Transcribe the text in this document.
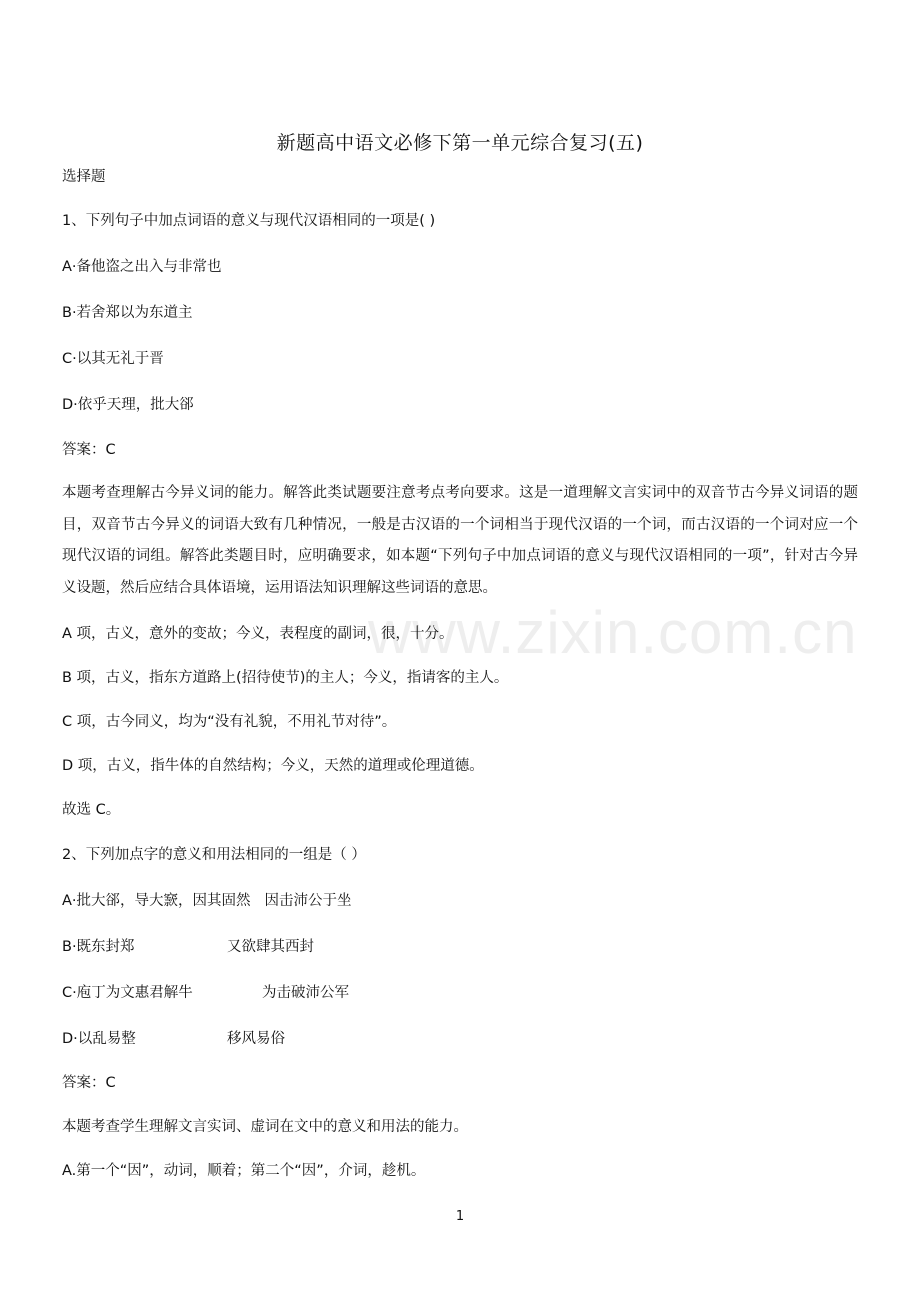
www.zixin.com.cn
新题高中语文必修下第一单元综合复习(五)
选择题
1、下列句子中加点词语的意义与现代汉语相同的一项是( )
A·备他盗之出入与非常也
B·若舍郑以为东道主
C·以其无礼于晋
D·依乎天理，批大郤
答案：C
本题考查理解古今异义词的能力。解答此类试题要注意考点考向要求。这是一道理解文言实词中的双音节古今异义词语的题目，双音节古今异义的词语大致有几种情况，一般是古汉语的一个词相当于现代汉语的一个词，而古汉语的一个词对应一个现代汉语的词组。解答此类题目时，应明确要求，如本题“下列句子中加点词语的意义与现代汉语相同的一项”，针对古今异义设题，然后应结合具体语境，运用语法知识理解这些词语的意思。
A 项，古义，意外的变故；今义，表程度的副词，很，十分。
B 项，古义，指东方道路上(招待使节)的主人；今义，指请客的主人。
C 项，古今同义，均为“没有礼貌，不用礼节对待”。
D 项，古义，指牛体的自然结构；今义，天然的道理或伦理道德。
故选 C。
2、下列加点字的意义和用法相同的一组是（ ）
A·批大郤，导大窾，因其固然 因击沛公于坐
B·既东封郑	又欲肆其西封
C·庖丁为文惠君解牛	为击破沛公军
D·以乱易整	移风易俗
答案：C
本题考查学生理解文言实词、虚词在文中的意义和用法的能力。
A.第一个“因”，动词，顺着；第二个“因”，介词，趁机。
1
